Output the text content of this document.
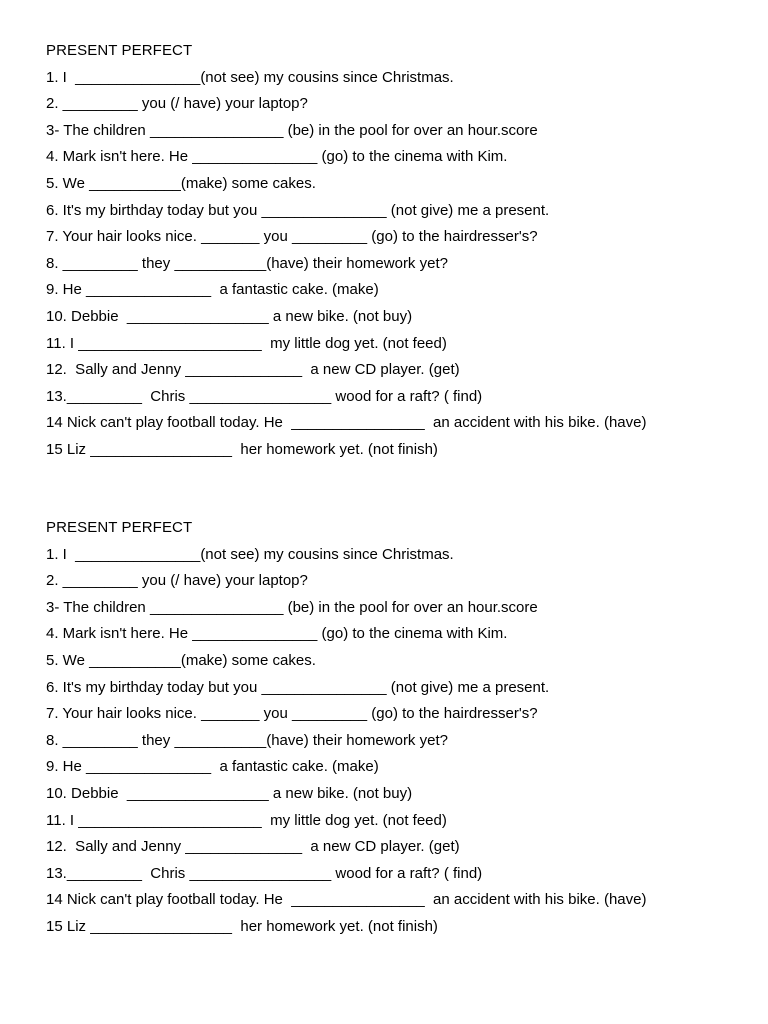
PRESENT PERFECT
1. I  _______________(not see) my cousins since Christmas.
2. _________ you (/ have) your laptop?
3- The children ________________ (be) in the pool for over an hour.score
4. Mark isn't here. He _______________ (go) to the cinema with Kim.
5. We ___________(make) some cakes.
6. It's my birthday today but you _______________ (not give) me a present.
7. Your hair looks nice. _______ you _________ (go) to the hairdresser's?
8. _________ they ___________(have) their homework yet?
9. He _______________  a fantastic cake. (make)
10. Debbie  _________________ a new bike. (not buy)
11. I ______________________  my little dog yet. (not feed)
12.  Sally and Jenny ______________  a new CD player. (get)
13._________  Chris _________________ wood for a raft? ( find)
14 Nick can't play football today. He  ________________  an accident with his bike. (have)
15 Liz _________________  her homework yet. (not finish)
PRESENT PERFECT
1. I  _______________(not see) my cousins since Christmas.
2. _________ you (/ have) your laptop?
3- The children ________________ (be) in the pool for over an hour.score
4. Mark isn't here. He _______________ (go) to the cinema with Kim.
5. We ___________(make) some cakes.
6. It's my birthday today but you _______________ (not give) me a present.
7. Your hair looks nice. _______ you _________ (go) to the hairdresser's?
8. _________ they ___________(have) their homework yet?
9. He _______________  a fantastic cake. (make)
10. Debbie  _________________ a new bike. (not buy)
11. I ______________________  my little dog yet. (not feed)
12.  Sally and Jenny ______________  a new CD player. (get)
13._________  Chris _________________ wood for a raft? ( find)
14 Nick can't play football today. He  ________________  an accident with his bike. (have)
15 Liz _________________  her homework yet. (not finish)
